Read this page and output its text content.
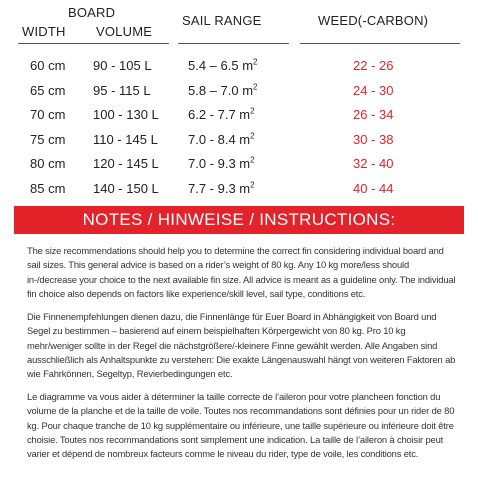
BOARD
WIDTH VOLUME
SAIL RANGE	WEED(-CARBON)
60 cm 90 - 105 L	5.4 – 6.5 $m^2$	22 - 26
65 cm 95 - 115 L	5.8 – 7.0 $m^2$	24 - 30
70 cm 100 - 130 L 6.2 - 7.7 $m^2$	26 - 34
75 cm 110 - 145 L 7.0 - 8.4 $m^2$	30 - 38
80 cm 120 - 145 L 7.0 - 9.3 $m^2$	32 - 40
85 cm 140 - 150 L 7.7 - 9.3 $m^2$	40 - 44
NOTES / HINWEISE / INSTRUCTIONS:

The size recommendations should help you to determine the correct fin considering individual board and sail sizes. This general advice is based on a rider’s weight of 80 kg. Any 10 kg more/less should in-/decrease your choice to the next available fin size. All advice is meant as a guideline only. The individual fin choice also depends on factors like experience/skill level, sail type, conditions etc.

Die Finnenempfehlungen dienen dazu, die Finnenlänge für Euer Board in Abhängigkeit von Board und Segel zu bestimmen – basierend auf einem beispielhaften Körpergewicht von 80 kg. Pro 10 kg mehr/weniger sollte in der Regel die nächstgrößere/-kleinere Finne gewählt werden. Alle Angaben sind ausschließlich als Anhaltspunkte zu verstehen: Die exakte Längenauswahl hängt von weiteren Faktoren ab wie Fahrkönnen, Segeltyp, Revierbedingungen etc.

Le diagramme va vous aider à déterminer la taille correcte de l’aileron pour votre plancheen fonction du volume de la planche et de la taille de voile. Toutes nos recommandations sont définies pour un rider de 80 kg. Pour chaque tranche de 10 kg supplémentaire ou inférieure, une taille supérieure ou inférieure doit être choisie. Toutes nos recommandations sont simplement une indication. La taille de l’aileron à choisir peut varier et dépend de nombreux facteurs comme le niveau du rider, type de voile, les conditions etc.
